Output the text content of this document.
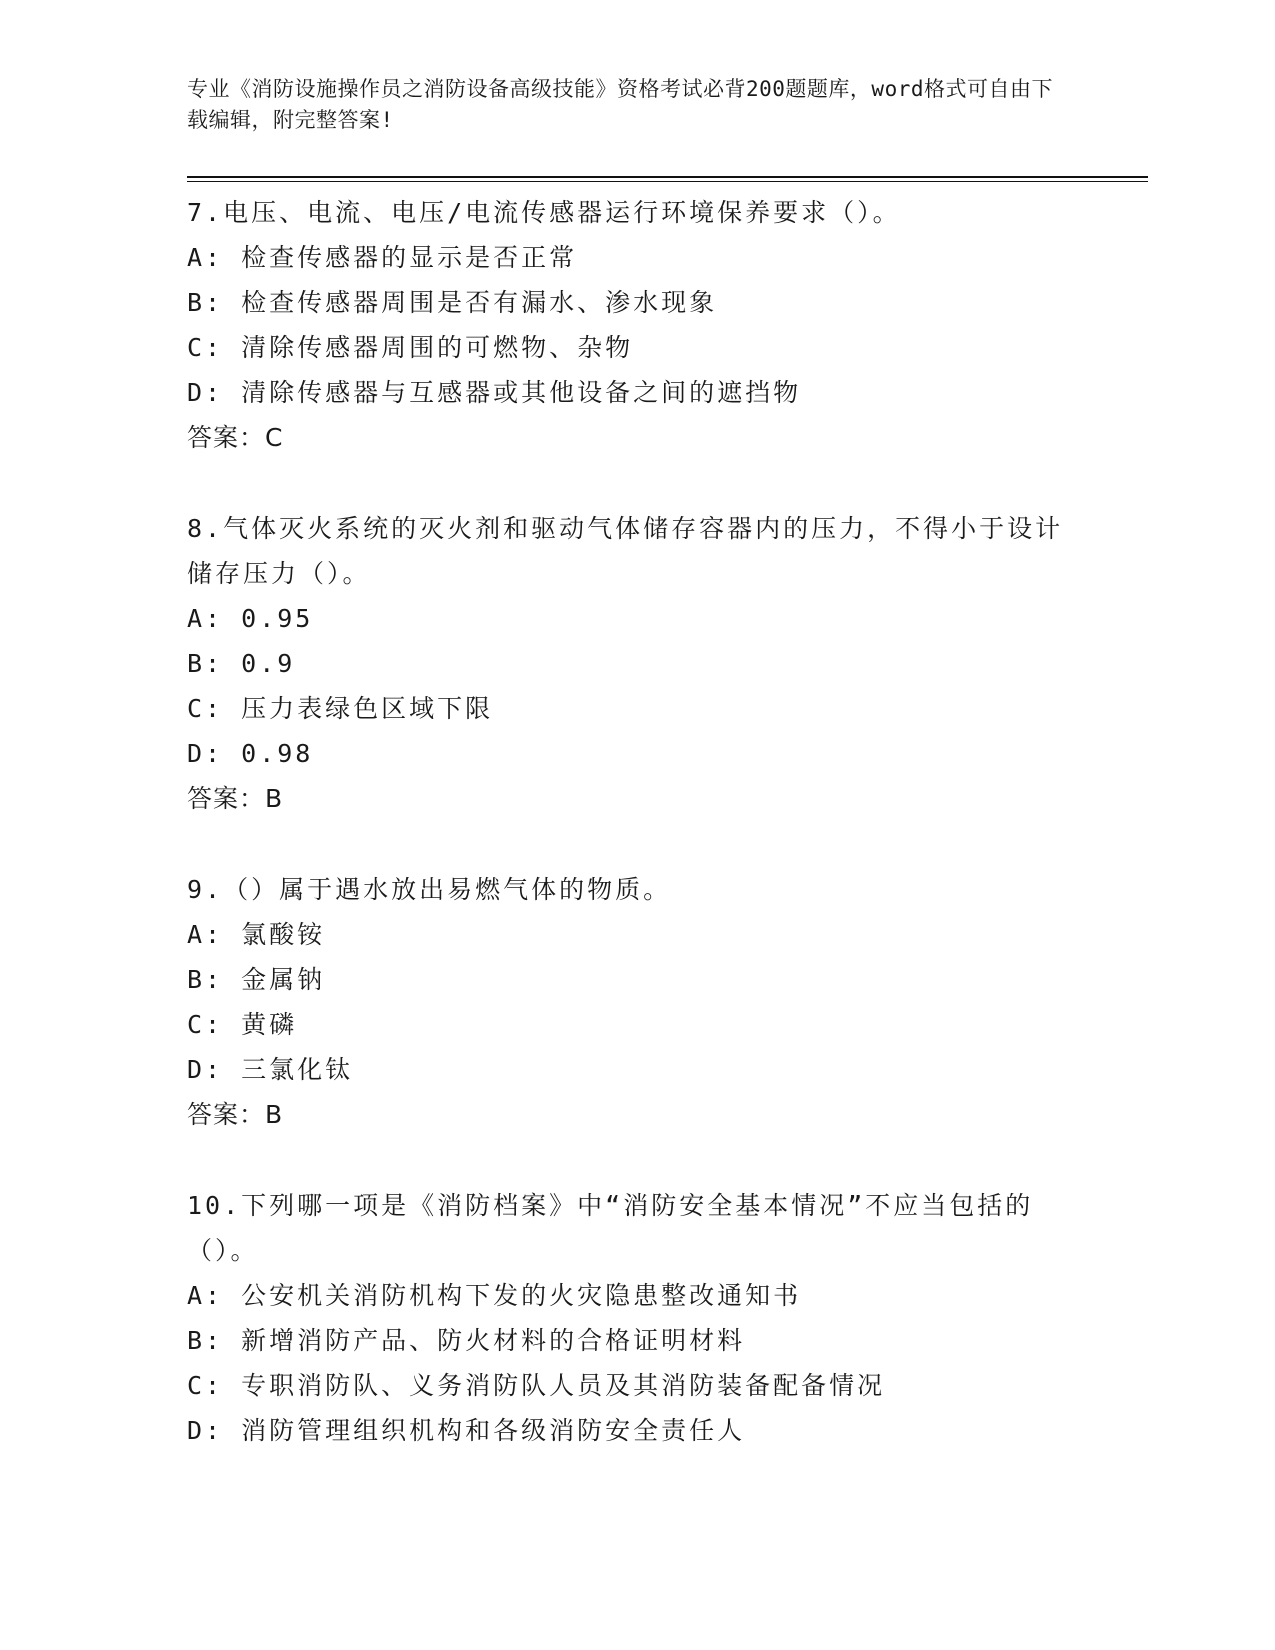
专业《消防设施操作员之消防设备高级技能》资格考试必背200题题库，word格式可自由下载编辑，附完整答案!
7.电压、电流、电压/电流传感器运行环境保养要求（）。
A: 检查传感器的显示是否正常
B: 检查传感器周围是否有漏水、渗水现象
C: 清除传感器周围的可燃物、杂物
D: 清除传感器与互感器或其他设备之间的遮挡物
答案：C
8.气体灭火系统的灭火剂和驱动气体储存容器内的压力，不得小于设计储存压力（）。
A: 0.95
B: 0.9
C: 压力表绿色区域下限
D: 0.98
答案：B
9.（）属于遇水放出易燃气体的物质。
A: 氯酸铵
B: 金属钠
C: 黄磷
D: 三氯化钛
答案：B
10.下列哪一项是《消防档案》中“消防安全基本情况”不应当包括的（）。
A: 公安机关消防机构下发的火灾隐患整改通知书
B: 新增消防产品、防火材料的合格证明材料
C: 专职消防队、义务消防队人员及其消防装备配备情况
D: 消防管理组织机构和各级消防安全责任人
